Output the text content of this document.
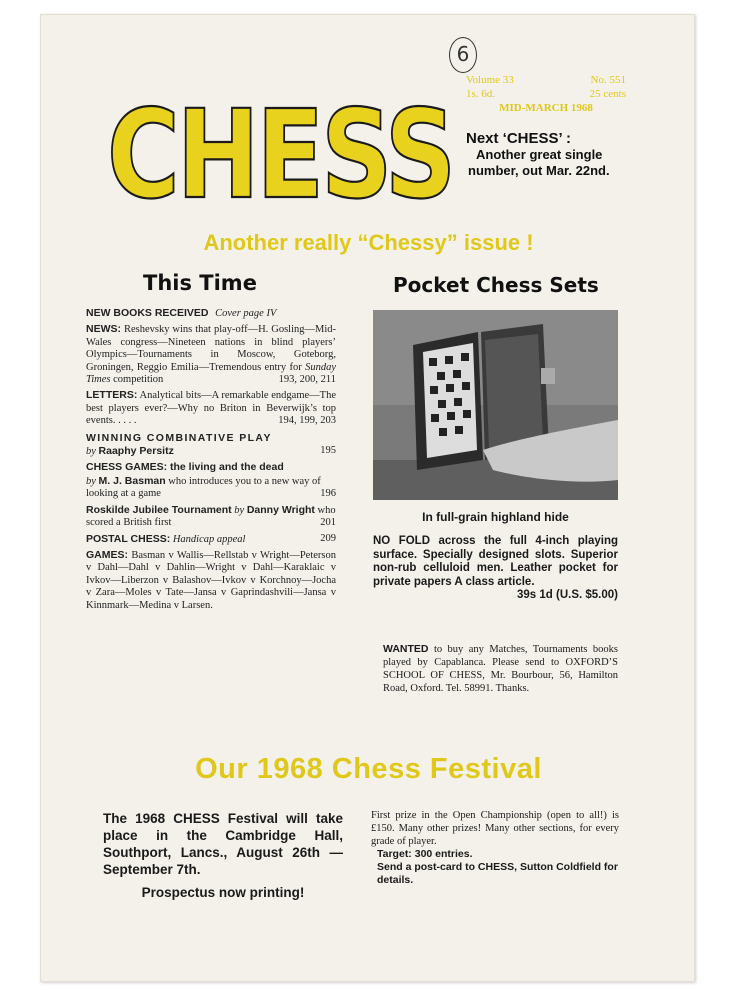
CHESS
6
Volume 33	No. 551
1s. 6d.	25 cents
MID-MARCH 1968
Next ‘CHESS’ :
Another great single
number, out Mar. 22nd.
Another really “Chessy” issue !
This Time	Pocket Chess Sets

NEW BOOKS RECEIVED Cover page IV

NEWS: Reshevsky wins that play-off—H. Gosling—Mid-Wales congress—Nineteen nations in blind players’ Olympics—Tournaments in Moscow, Goteborg, Groningen, Reggio Emilia—Tremendous entry for Sunday Times competition	193, 200, 211

LETTERS: Analytical bits—A remarkable endgame—The best players ever?—Why no Briton in Beverwijk’s top events. . . . .	194, 199, 203

WINNING COMBINATIVE PLAY
by Raaphy Persitz	195

CHESS GAMES: the living and the dead
by M. J. Basman who introduces you to a new way of looking at a game	196

Roskilde Jubilee Tournament by Danny Wright who scored a British first	201

POSTAL CHESS: Handicap appeal	209

GAMES: Basman v Wallis—Rellstab v Wright—Peterson v Dahl—Dahl v Dahlin—Wright v Dahl—Karaklaic v Ivkov—Liberzon v Balashov—Ivkov v Korchnoy—Jocha v Zara—Moles v Tate—Jansa v Gaprindashvili—Jansa v Kinnmark—Medina v Larsen.

In full-grain highland hide
NO FOLD across the full 4-inch playing surface. Specially designed slots. Superior non-rub celluloid men. Leather pocket for private papers A class article.
39s 1d (U.S. $5.00)
WANTED to buy any Matches, Tournaments books played by Capablanca. Please send to OXFORD’S SCHOOL OF CHESS, Mr. Bourbour, 56, Hamilton Road, Oxford. Tel. 58991. Thanks.
Our 1968 Chess Festival
The 1968 CHESS Festival will take place in the Cambridge Hall, Southport, Lancs., August 26th — September 7th.
Prospectus now printing!
First prize in the Open Championship (open to all!) is £150. Many other prizes! Many other sections, for every grade of player.
Target: 300 entries.
Send a post-card to CHESS, Sutton Coldfield for details.
